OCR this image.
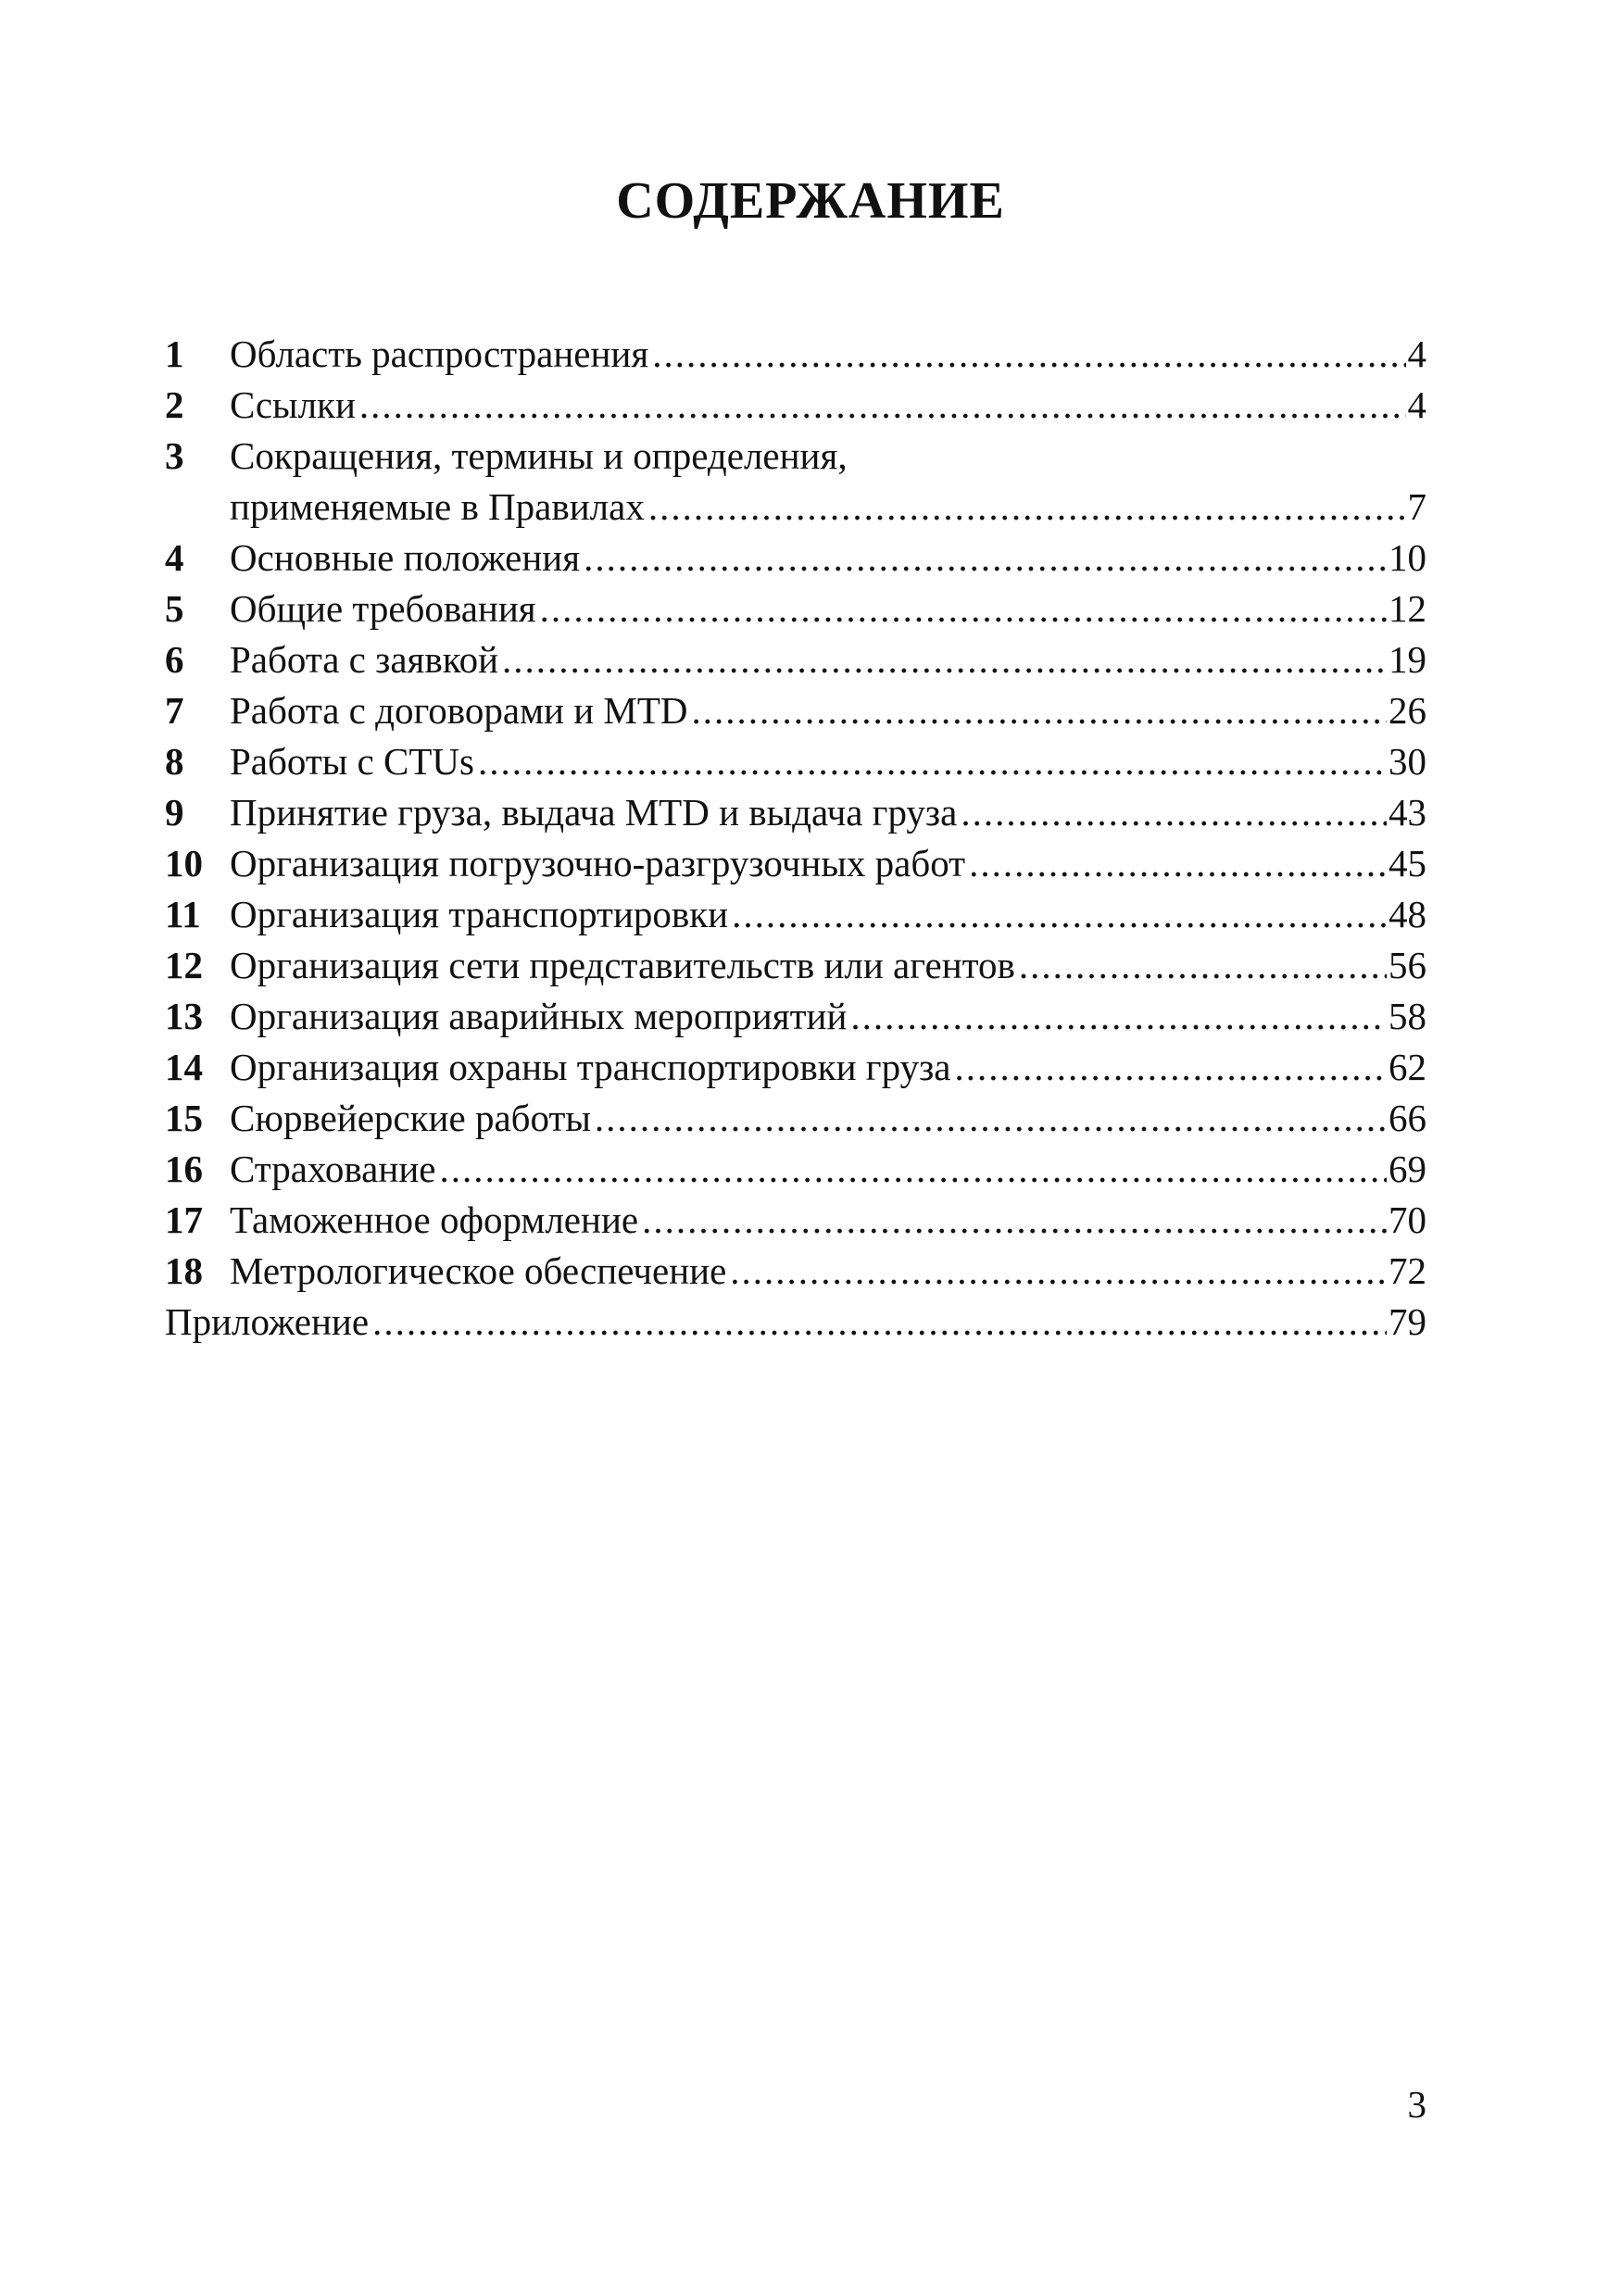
СОДЕРЖАНИЕ
1 Область распространения .....	4
2 Ссылки .....	4
3 Сокращения, термины и определения,
применяемые в Правилах .....	7
4 Основные положения .....	10
5 Общие требования .....	12
6 Работа с заявкой .....	19
7 Работа с договорами и MTD .....	26
8 Работы с CTUs .....	30
9 Принятие груза, выдача MTD и выдача груза .....	43
10 Организация погрузочно-разгрузочных работ .....	45
11 Организация транспортировки .....	48
12 Организация сети представительств или агентов .....	56
13 Организация аварийных мероприятий .....	58
14 Организация охраны транспортировки груза .....	62
15 Сюрвейерские работы .....	66
16 Страхование .....	69
17 Таможенное оформление .....	70
18 Метрологическое обеспечение .....	72
Приложение .....	79
3
